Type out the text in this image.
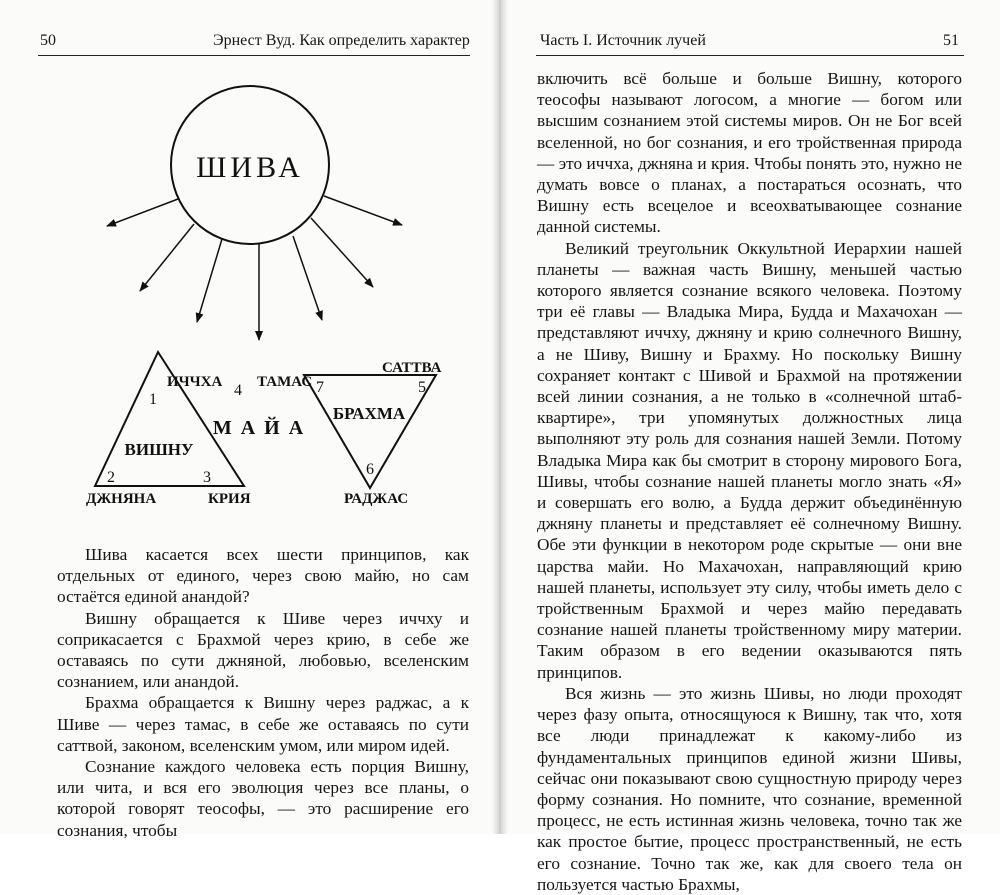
50	Эрнест Вуд. Как определить характер
ШИВА
1
ИЧЧХА
2
ДЖНЯНА
3
КРИЯ
ВИШНУ
4 ТАМАС
М А Й А
САТТВА
5
7
6
РАДЖАС
БРАХМА

Шива касается всех шести принципов, как отдельных от единого, через свою майю, но сам остаётся единой анандой?

Вишну обращается к Шиве через иччху и соприкасается с Брахмой через крию, в себе же оставаясь по сути джняной, любовью, вселенским сознанием, или анандой.

Брахма обращается к Вишну через раджас, а к Шиве — через тамас, в себе же оставаясь по сути саттвой, законом, вселенским умом, или миром идей.

Сознание каждого человека есть порция Вишну, или чита, и вся его эволюция через все планы, о которой говорят теософы, — это расширение его сознания, чтобы

Часть I. Источник лучей	51

включить всё больше и больше Вишну, которого теософы называют логосом, а многие — богом или высшим сознанием этой системы миров. Он не Бог всей вселенной, но бог сознания, и его тройственная природа — это иччха, джняна и крия. Чтобы понять это, нужно не думать вовсе о планах, а постараться осознать, что Вишну есть всецелое и всеохватывающее сознание данной системы.

Великий треугольник Оккультной Иерархии нашей планеты — важная часть Вишну, меньшей частью которого является сознание всякого человека. Поэтому три её главы — Владыка Мира, Будда и Махачохан — представляют иччху, джняну и крию солнечного Вишну, а не Шиву, Вишну и Брахму. Но поскольку Вишну сохраняет контакт с Шивой и Брахмой на протяжении всей линии сознания, а не только в «солнечной штаб-квартире», три упомянутых должностных лица выполняют эту роль для сознания нашей Земли. Потому Владыка Мира как бы смотрит в сторону мирового Бога, Шивы, чтобы сознание нашей планеты могло знать «Я» и совершать его волю, а Будда держит объединённую джняну планеты и представляет её солнечному Вишну. Обе эти функции в некотором роде скрытые — они вне царства майи. Но Махачохан, направляющий крию нашей планеты, использует эту силу, чтобы иметь дело с тройственным Брахмой и через майю передавать сознание нашей планеты тройственному миру материи. Таким образом в его ведении оказываются пять принципов.

Вся жизнь — это жизнь Шивы, но люди проходят через фазу опыта, относящуюся к Вишну, так что, хотя все люди принадлежат к какому-либо из фундаментальных принципов единой жизни Шивы, сейчас они показывают свою сущностную природу через форму сознания. Но помните, что сознание, временной процесс, не есть истинная жизнь человека, точно так же как простое бытие, процесс пространственный, не есть его сознание. Точно так же, как для своего тела он пользуется частью Брахмы,
